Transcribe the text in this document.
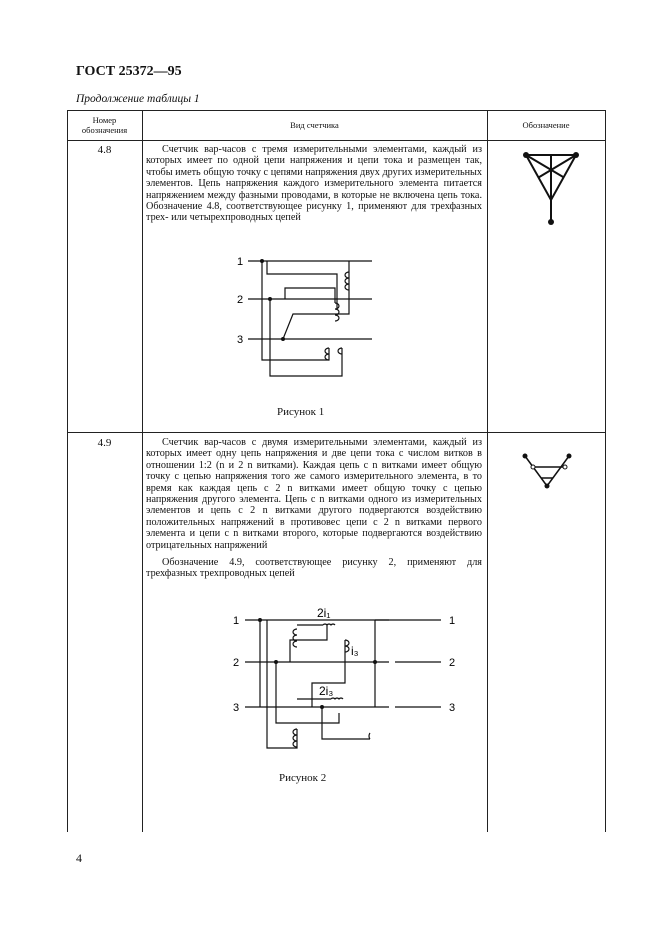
ГОСТ 25372—95
Продолжение таблицы 1
Номер
обозначения	Вид счетчика	Обозначение
4.8	Счетчик вар-часов с тремя измерительными элементами, каждый из которых имеет по одной цепи напряжения и цепи тока и размещен так, чтобы иметь общую точку с цепями напряжения двух других измерительных элементов. Цепь напряжения каждого измерительного элемента питается напряжением между фазными проводами, в которые не включена цепь тока. Обозначение 4.8, соответствующее рисунку 1, применяют для трехфазных трех- или четырехпроводных цепей

1
2
3
Рисунок 1
4.9	Счетчик вар-часов с двумя измерительными элементами, каждый из которых имеет одну цепь напряжения и две цепи тока с числом витков в отношении 1:2 (n и 2 n витками). Каждая цепь с n витками имеет общую точку с цепью напряжения того же самого измерительного элемента, в то время как каждая цепь с 2 n витками имеет общую точку с цепью напряжения другого элемента. Цепь с n витками одного из измерительных элементов и цепь с 2 n витками другого подвергаются воздействию положительных напряжений в противовес цепи с 2 n витками первого элемента и цепи с n витками второго, которые подвергаются воздействию отрицательных напряжений

Обозначение 4.9, соответствующее рисунку 2, применяют для трехфазных трехпроводных цепей

1
2
3
1
2
3
2i₁
i₃
2i₃
Рисунок 2
4
